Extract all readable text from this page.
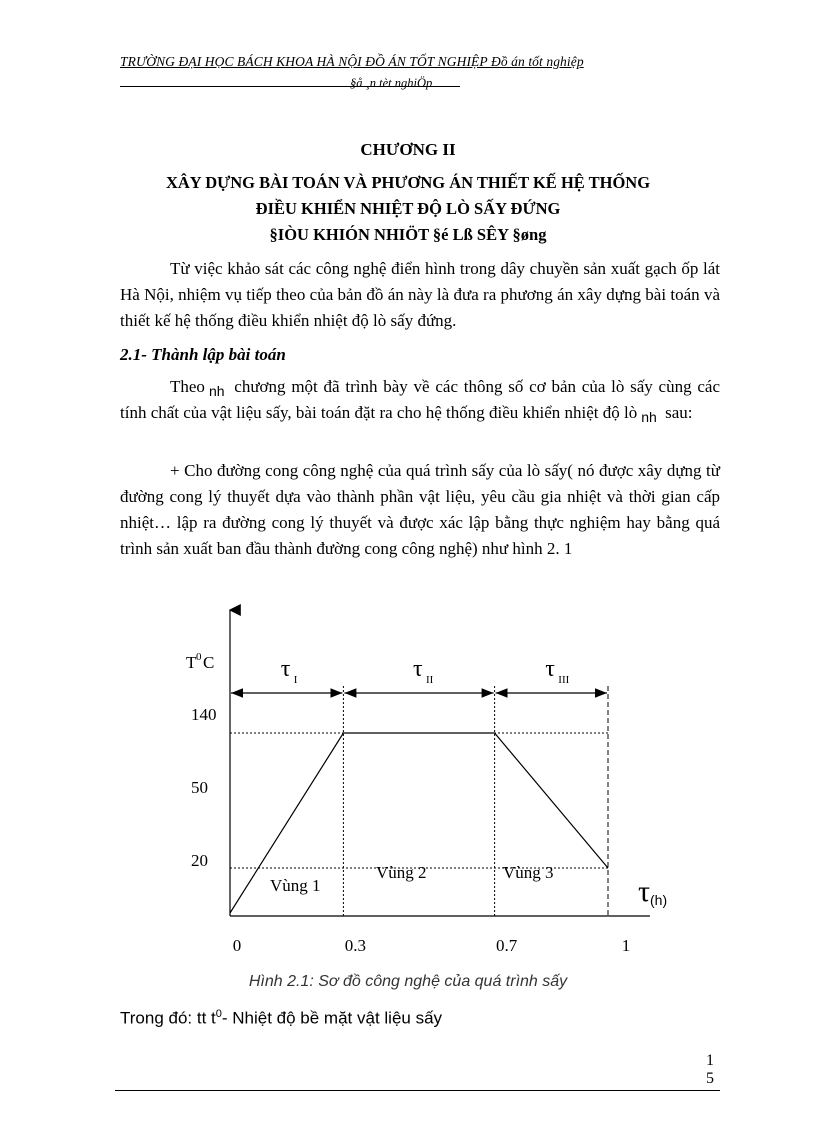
TRƯỜNG ĐẠI HỌC BÁCH KHOA HÀ NỘI ĐỒ ÁN TỐT NGHIỆP Đồ án tốt nghiệp
§å ¸n tèt nghiÖp
CHƯƠNG II
XÂY DỰNG BÀI TOÁN VÀ PHƯƠNG ÁN THIẾT KẾ HỆ THỐNG
ĐIỀU KHIỂN NHIỆT ĐỘ LÒ SẤY ĐỨNG
§IÒU KHIÓN NHIÖT §é Lß SÊY §øng

Từ việc khảo sát các công nghệ điển hình trong dây chuyền sản xuất gạch ốp lát Hà Nội, nhiệm vụ tiếp theo của bản đồ án này là đưa ra phương án xây dựng bài toán và thiết kế hệ thống điều khiển nhiệt độ lò sấy đứng.

2.1- Thành lập bài toán

Theo $_{nh}$ chương một đã trình bày về các thông số cơ bản của lò sấy cùng các tính chất của vật liệu sấy, bài toán đặt ra cho hệ thống điều khiển nhiệt độ lò $_{nh}$ sau:

+ Cho đường cong công nghệ của quá trình sấy của lò sấy( nó được xây dựng từ đường cong lý thuyết dựa vào thành phần vật liệu, yêu cầu gia nhiệt và thời gian cấp nhiệt… lập ra đường cong lý thuyết và được xác lập bằng thực nghiệm hay bằng quá trình sản xuất ban đầu thành đường cong công nghệ) như hình 2. 1

τ I	τ II	τ III
T 0 C
140
50
20
0	0.3	0.7	1
Vùng 1
Vùng 2	Vùng 3
τ (h)
Hình 2.1: Sơ đồ công nghệ của quá trình sấy
Trong đó: tt $t^0-$ Nhiệt độ bề mặt vật liệu sấy
1
5
